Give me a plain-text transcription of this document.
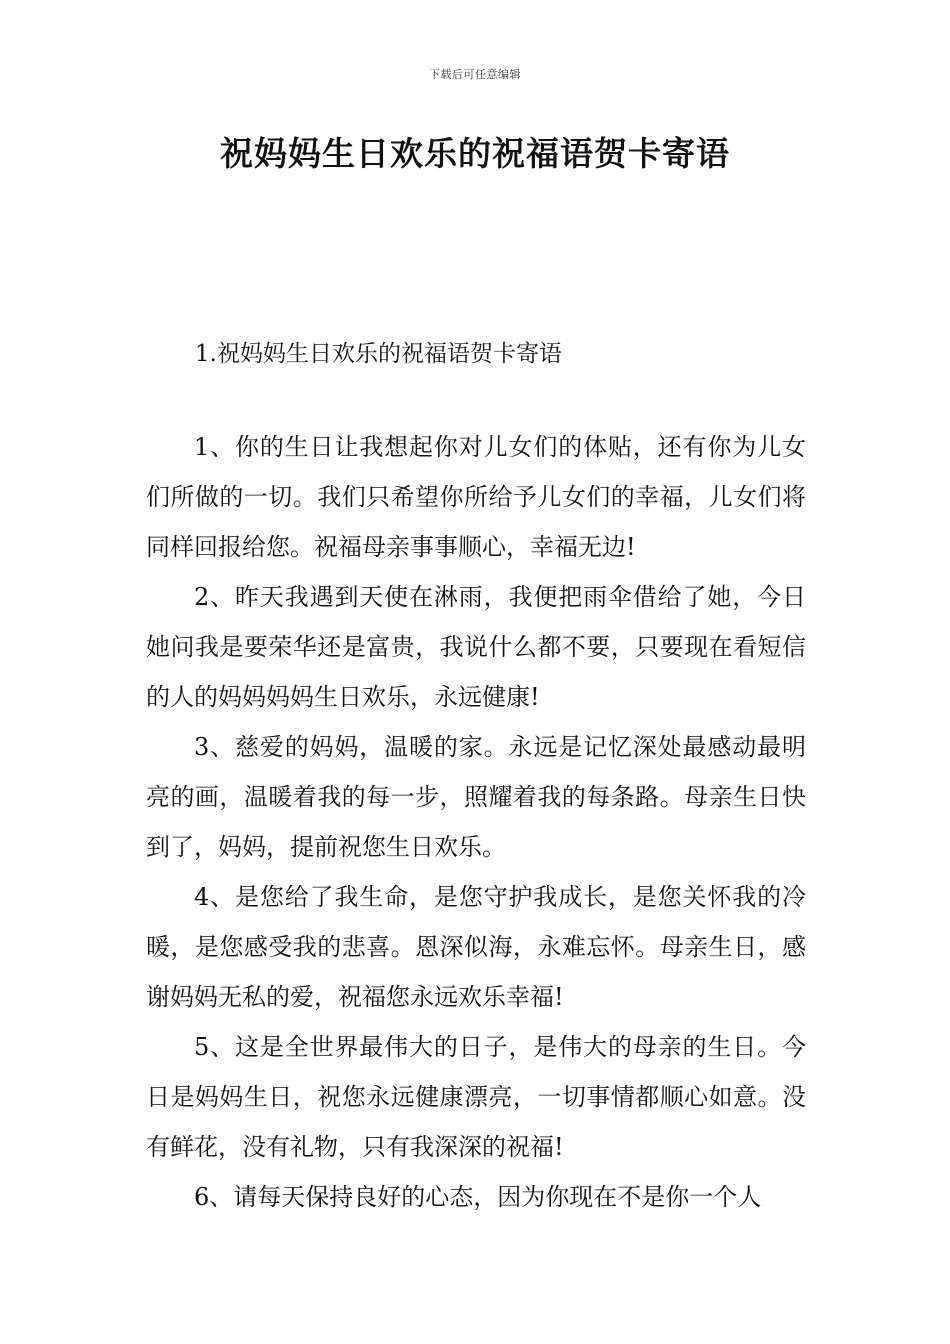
下载后可任意编辑
祝妈妈生日欢乐的祝福语贺卡寄语
1.祝妈妈生日欢乐的祝福语贺卡寄语

1、你的生日让我想起你对儿女们的体贴，还有你为儿女们所做的一切。我们只希望你所给予儿女们的幸福，儿女们将同样回报给您。祝福母亲事事顺心，幸福无边!

2、昨天我遇到天使在淋雨，我便把雨伞借给了她，今日她问我是要荣华还是富贵，我说什么都不要，只要现在看短信的人的妈妈妈妈生日欢乐，永远健康!

3、慈爱的妈妈，温暖的家。永远是记忆深处最感动最明亮的画，温暖着我的每一步，照耀着我的每条路。母亲生日快到了，妈妈，提前祝您生日欢乐。

4、是您给了我生命，是您守护我成长，是您关怀我的冷暖，是您感受我的悲喜。恩深似海，永难忘怀。母亲生日，感谢妈妈无私的爱，祝福您永远欢乐幸福!

5、这是全世界最伟大的日子，是伟大的母亲的生日。今日是妈妈生日，祝您永远健康漂亮，一切事情都顺心如意。没有鲜花，没有礼物，只有我深深的祝福!

6、请每天保持良好的心态，因为你现在不是你一个人
